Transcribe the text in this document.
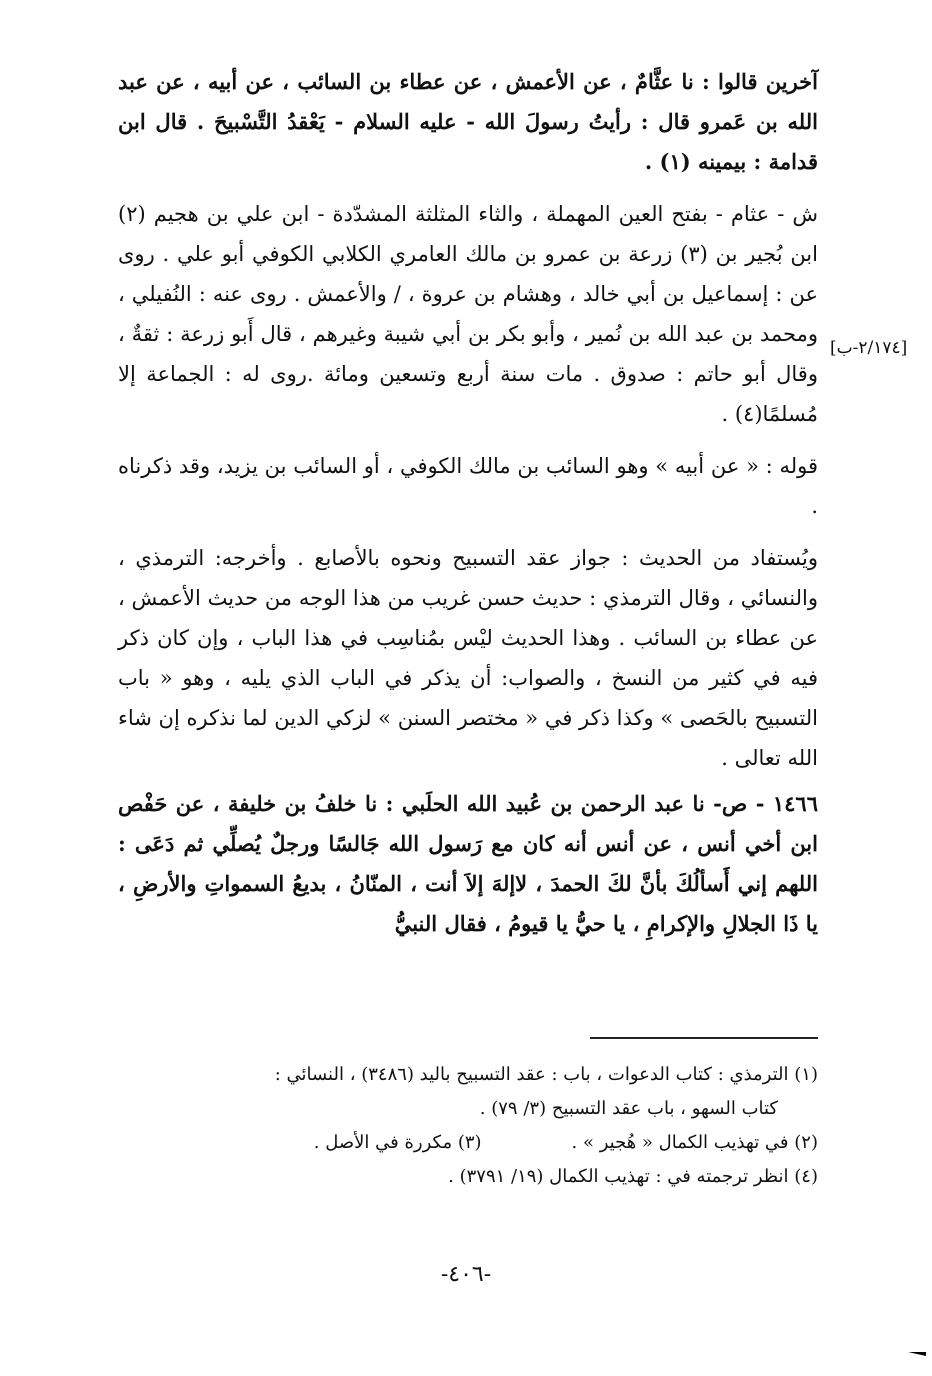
آخرين قالوا : نا عثَّامٌ ، عن الأعمش ، عن عطاء بن السائب ، عن أبيه ، عن عبد الله بن عَمرو قال : رأيتُ رسولَ الله - عليه السلام - يَعْقدُ التَّسْبيحَ . قال ابن قدامة : بيمينه (١) .

ش - عثام - بفتح العين المهملة ، والثاء المثلثة المشدّدة - ابن علي بن هجيم (٢) ابن بُجير بن (٣) زرعة بن عمرو بن مالك العامري الكلابي الكوفي أبو علي . روى عن : إسماعيل بن أبي خالد ، وهشام بن عروة ، / والأعمش . روى عنه : النُفيلي ، ومحمد بن عبد الله بن نُمير ، وأبو بكر بن أبي شيبة وغيرهم ، قال أَبو زرعة : ثقةٌ ، وقال أبو حاتم : صدوق . مات سنة أربع وتسعين ومائة .روى له : الجماعة إلا مُسلمًا(٤) .

قوله : « عن أبيه » وهو السائب بن مالك الكوفي ، أو السائب بن يزيد، وقد ذكرناه .

ويُستفاد من الحديث : جواز عقد التسبيح ونحوه بالأصابع . وأخرجه: الترمذي ، والنسائي ، وقال الترمذي : حديث حسن غريب من هذا الوجه من حديث الأعمش ، عن عطاء بن السائب . وهذا الحديث ليْس بمُناسِب في هذا الباب ، وإن كان ذكر فيه في كثير من النسخ ، والصواب: أن يذكر في الباب الذي يليه ، وهو « باب التسبيح بالحَصى » وكذا ذكر في « مختصر السنن » لزكي الدين لما نذكره إن شاء الله تعالى .

١٤٦٦ - ص- نا عبد الرحمن بن عُبيد الله الحلَبي : نا خلفُ بن خليفة ، عن حَفْص ابن أخي أنس ، عن أنس أنه كان مع رَسول الله جَالسًا ورجلٌ يُصلِّي ثم دَعَى : اللهم إني أَسألُكَ بأنَّ لكَ الحمدَ ، لاإلهَ إلاَ أنت ، المنّانُ ، بديعُ السمواتِ والأرضِ ، يا ذَا الجلالِ والإكرامِ ، يا حيُّ يا قيومُ ، فقال النبيُّ

[٢/١٧٤-ب]

(١) الترمذي : كتاب الدعوات ، باب : عقد التسبيح باليد (٣٤٨٦) ، النسائي :

كتاب السهو ، باب عقد التسبيح (٣/ ٧٩) .

(٢) في تهذيب الكمال « هُجير » .
(٣) مكررة في الأصل .

(٤) انظر ترجمته في : تهذيب الكمال (١٩/ ٣٧٩١) .

-٤٠٦-
